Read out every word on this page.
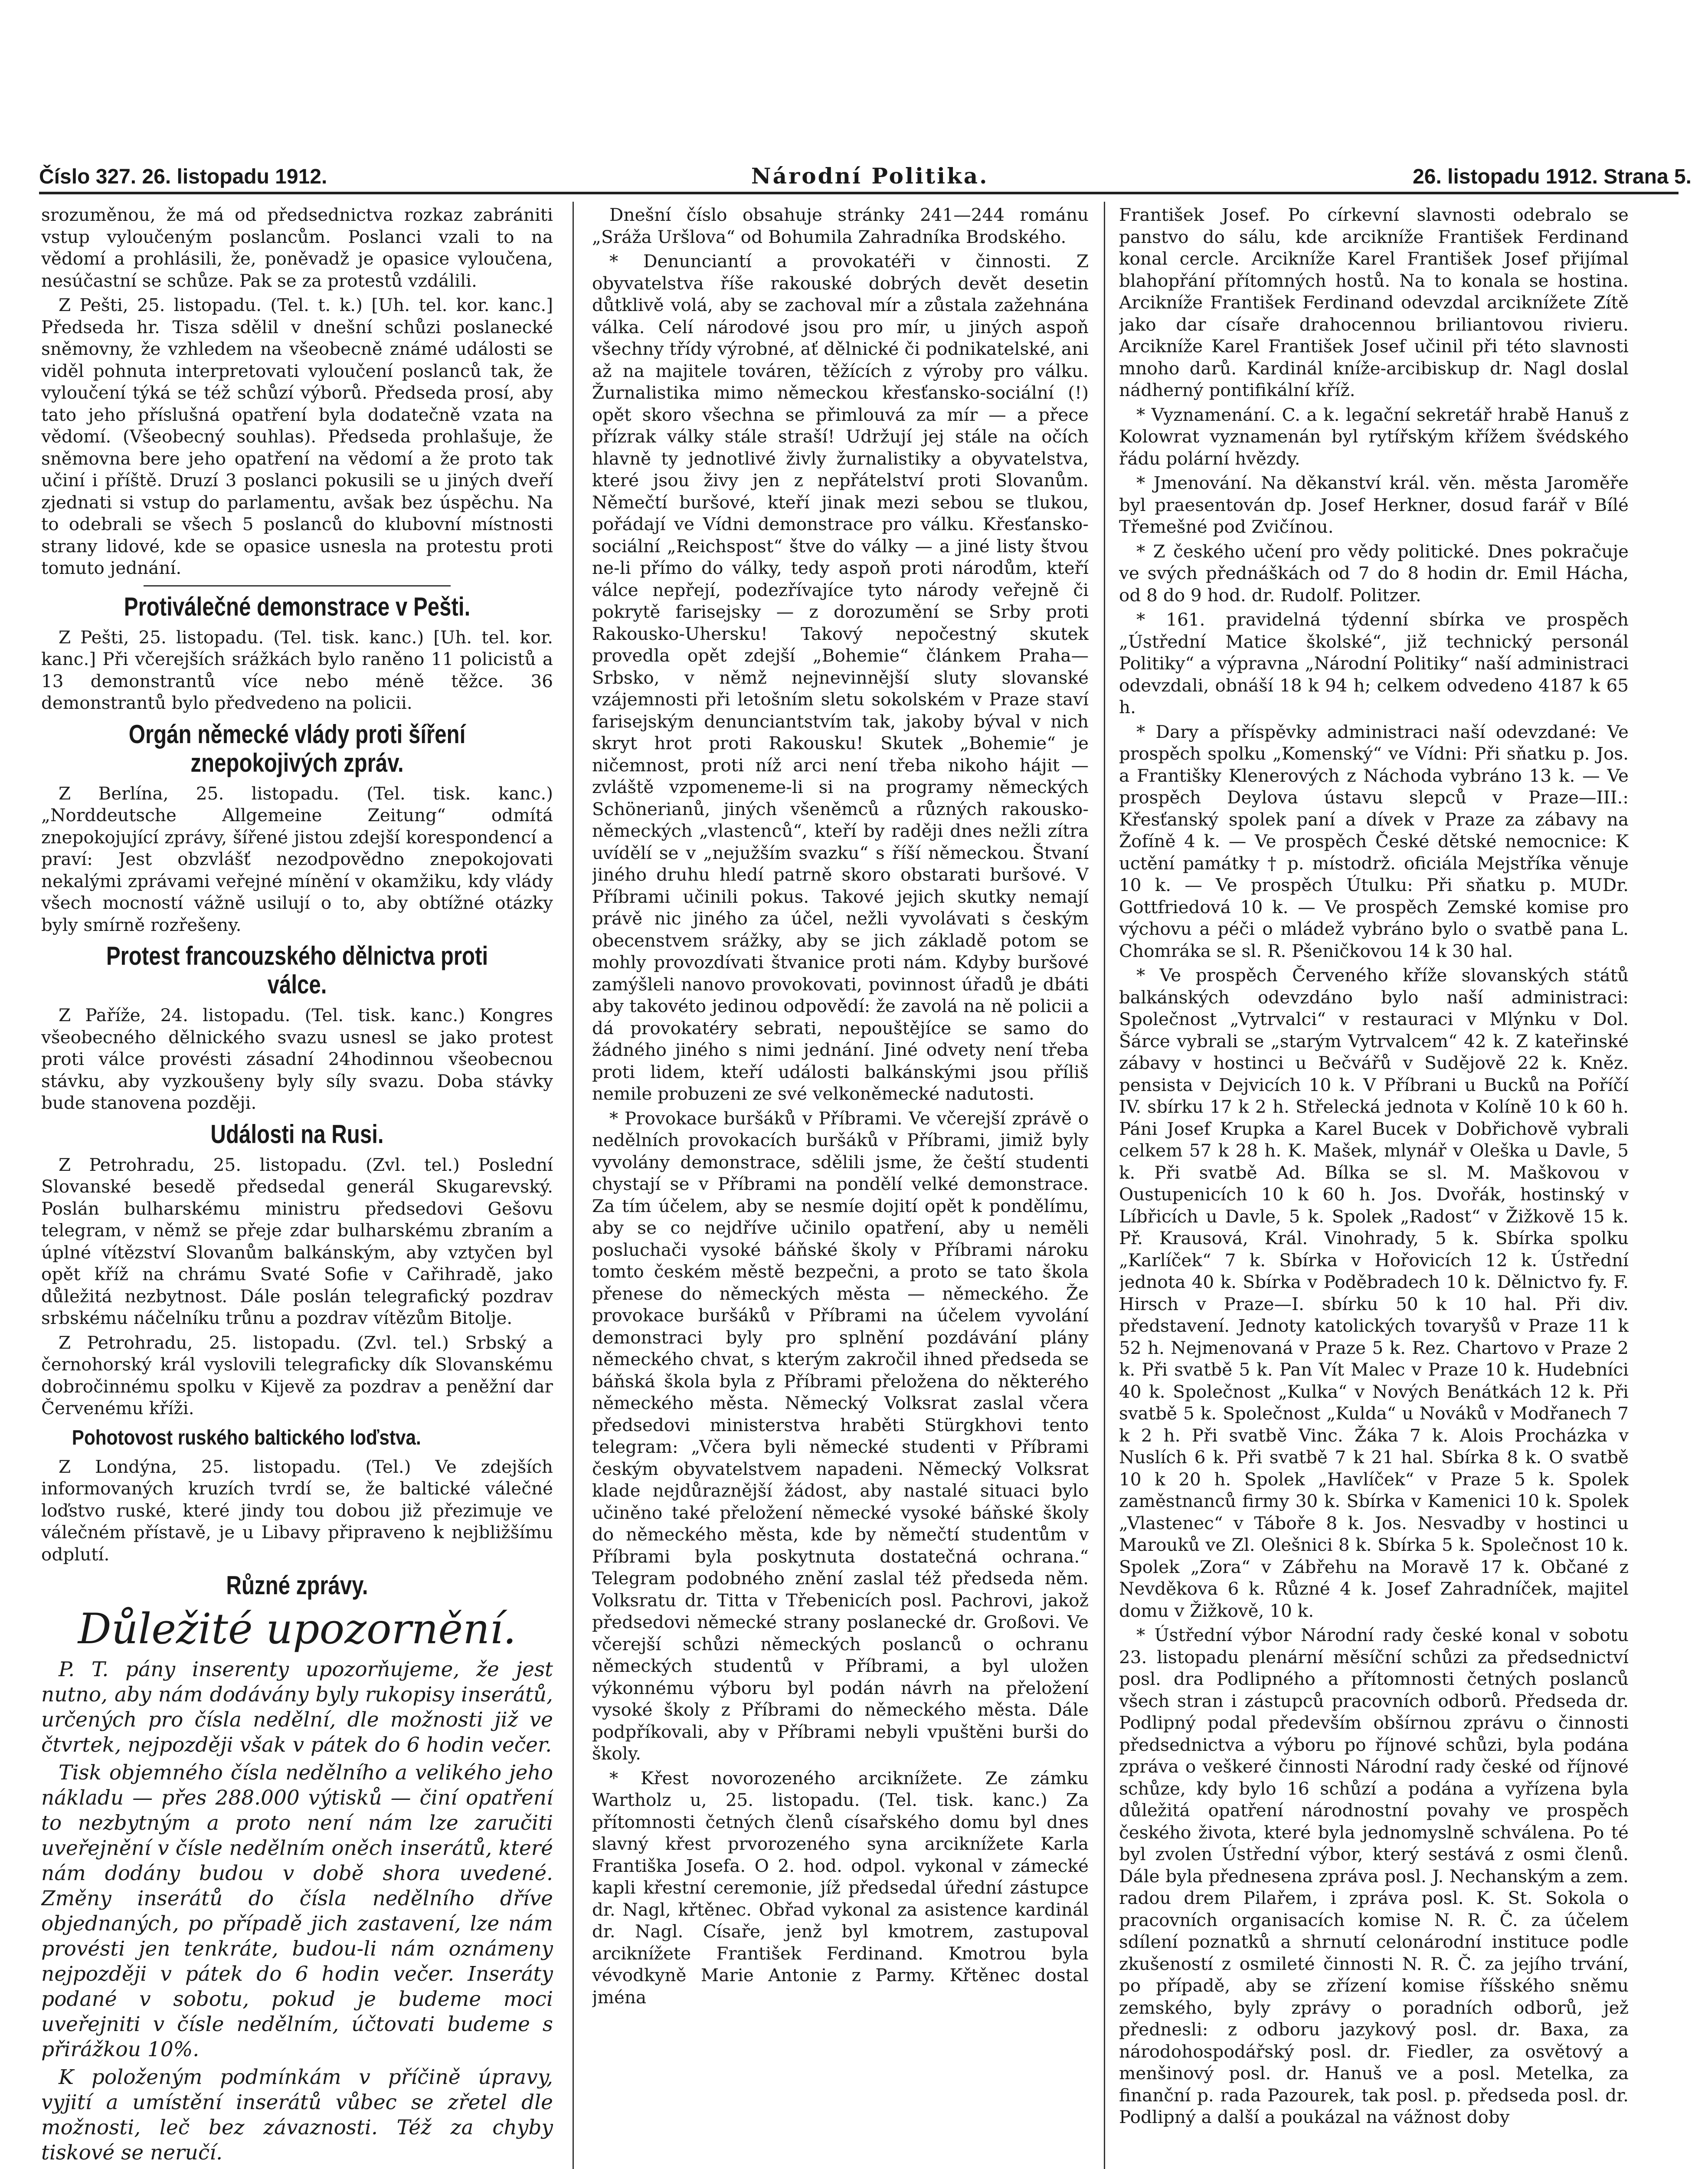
Číslo 327. 26. listopadu 1912.	Národní Politika.	26. listopadu 1912. Strana 5.

srozuměnou, že má od předsednictva rozkaz zabrániti vstup vyloučeným poslancům. Poslanci vzali to na vědomí a prohlásili, že, poněvadž je opasice vyloučena, nesúčastní se schůze. Pak se za protestů vzdálili.

Z Pešti, 25. listopadu. (Tel. t. k.) [Uh. tel. kor. kanc.] Předseda hr. Tisza sdělil v dnešní schůzi poslanecké sněmovny, že vzhledem na všeobecně známé události se viděl pohnuta interpretovati vyloučení poslanců tak, že vyloučení týká se též schůzí výborů. Předseda prosí, aby tato jeho příslušná opatření byla dodatečně vzata na vědomí. (Všeobecný souhlas). Předseda prohlašuje, že sněmovna bere jeho opatření na vědomí a že proto tak učiní i příště. Druzí 3 poslanci pokusili se u jiných dveří zjednati si vstup do parlamentu, avšak bez úspěchu. Na to odebrali se všech 5 poslanců do klubovní místnosti strany lidové, kde se opasice usnesla na protestu proti tomuto jednání.

Protiválečné demonstrace v Pešti.

Z Pešti, 25. listopadu. (Tel. tisk. kanc.) [Uh. tel. kor. kanc.] Při včerejších srážkách bylo raněno 11 policistů a 13 demonstrantů více nebo méně těžce. 36 demonstrantů bylo předvedeno na policii.

Orgán německé vlády proti šíření znepokojivých zpráv.

Z Berlína, 25. listopadu. (Tel. tisk. kanc.) „Norddeutsche Allgemeine Zeitung“ odmítá znepokojující zprávy, šířené jistou zdejší korespondencí a praví: Jest obzvlášť nezodpovědno znepokojovati nekalými zprávami veřejné mínění v okamžiku, kdy vlády všech mocností vážně usilují o to, aby obtížné otázky byly smírně rozřešeny.

Protest francouzského dělnictva proti válce.

Z Paříže, 24. listopadu. (Tel. tisk. kanc.) Kongres všeobecného dělnického svazu usnesl se jako protest proti válce provésti zásadní 24hodinnou všeobecnou stávku, aby vyzkoušeny byly síly svazu. Doba stávky bude stanovena později.

Události na Rusi.

Z Petrohradu, 25. listopadu. (Zvl. tel.) Poslední Slovanské besedě předsedal generál Skugarevský. Poslán bulharskému ministru předsedovi Gešovu telegram, v němž se přeje zdar bulharskému zbraním a úplné vítězství Slovanům balkánským, aby vztyčen byl opět kříž na chrámu Svaté Sofie v Cařihradě, jako důležitá nezbytnost. Dále poslán telegrafický pozdrav srbskému náčelníku trůnu a pozdrav vítězům Bitolje.

Z Petrohradu, 25. listopadu. (Zvl. tel.) Srbský a černohorský král vyslovili telegraficky dík Slovanskému dobročinnému spolku v Kijevě za pozdrav a peněžní dar Červenému kříži.

Pohotovost ruského baltického loďstva.

Z Londýna, 25. listopadu. (Tel.) Ve zdejších informovaných kruzích tvrdí se, že baltické válečné loďstvo ruské, které jindy tou dobou již přezimuje ve válečném přístavě, je u Libavy připraveno k nejbližšímu odplutí.

Různé zprávy.
Důležité upozornění.

P. T. pány inserenty upozorňujeme, že jest nutno, aby nám dodávány byly rukopisy inserátů, určených pro čísla nedělní, dle možnosti již ve čtvrtek, nejpozději však v pátek do 6 hodin večer.

Tisk objemného čísla nedělního a velikého jeho nákladu — přes 288.000 výtisků — činí opatření to nezbytným a proto není nám lze zaručiti uveřejnění v čísle nedělním oněch inserátů, které nám dodány budou v době shora uvedené. Změny inserátů do čísla nedělního dříve objednaných, po případě jich zastavení, lze nám provésti jen tenkráte, budou-li nám oznámeny nejpozději v pátek do 6 hodin večer. Inseráty podané v sobotu, pokud je budeme moci uveřejniti v čísle nedělním, účtovati budeme s přirážkou 10%.

K položeným podmínkám v příčině úpravy, vyjití a umístění inserátů vůbec se zřetel dle možnosti, leč bez závaznosti. Též za chyby tiskové se neručí.

Dnešní číslo obsahuje stránky 241—244 románu „Sráža Uršlova“ od Bohumila Zahradníka Brodského.

* Denunciantí a provokatéři v činnosti. Z obyvatelstva říše rakouské dobrých devět desetin důtklivě volá, aby se zachoval mír a zůstala zažehnána válka. Celí národové jsou pro mír, u jiných aspoň všechny třídy výrobné, ať dělnické či podnikatelské, ani až na majitele továren, těžících z výroby pro válku. Žurnalistika mimo německou křesťansko-sociální (!) opět skoro všechna se přimlouvá za mír — a přece přízrak války stále straší! Udržují jej stále na očích hlavně ty jednotlivé živly žurnalistiky a obyvatelstva, které jsou živy jen z nepřátelství proti Slovanům. Němečtí buršové, kteří jinak mezi sebou se tlukou, pořádají ve Vídni demonstrace pro válku. Křesťansko-sociální „Reichspost“ štve do války — a jiné listy štvou ne-li přímo do války, tedy aspoň proti národům, kteří válce nepřejí, podezřívajíce tyto národy veřejně či pokrytě farisejsky — z dorozumění se Srby proti Rakousko-Uhersku! Takový nepočestný skutek provedla opět zdejší „Bohemie“ článkem Praha—Srbsko, v němž nejnevinnější sluty slovanské vzájemnosti při letošním sletu sokolském v Praze staví farisejským denunciantstvím tak, jakoby býval v nich skryt hrot proti Rakousku! Skutek „Bohemie“ je ničemnost, proti níž arci není třeba nikoho hájit — zvláště vzpomeneme-li si na programy německých Schönerianů, jiných všeněmců a různých rakousko-německých „vlastenců“, kteří by raději dnes nežli zítra uvídělí se v „nejužším svazku“ s říší německou. Štvaní jiného druhu hledí patrně skoro obstarati buršové. V Příbrami učinili pokus. Takové jejich skutky nemají právě nic jiného za účel, nežli vyvolávati s českým obecenstvem srážky, aby se jich základě potom se mohly provozdívati štvanice proti nám. Kdyby buršové zamýšleli nanovo provokovati, povinnost úřadů je dbáti aby takovéto jedinou odpovědí: že zavolá na ně policii a dá provokatéry sebrati, nepouštějíce se samo do žádného jiného s nimi jednání. Jiné odvety není třeba proti lidem, kteří události balkánskými jsou příliš nemile probuzeni ze své velkoněmecké nadutosti.

* Provokace buršáků v Příbrami. Ve včerejší zprávě o nedělních provokacích buršáků v Příbrami, jimiž byly vyvolány demonstrace, sdělili jsme, že čeští studenti chystají se v Příbrami na pondělí velké demonstrace. Za tím účelem, aby se nesmíe dojití opět k pondělímu, aby se co nejdříve učinilo opatření, aby u neměli posluchači vysoké báňské školy v Příbrami nároku tomto českém městě bezpečni, a proto se tato škola přenese do německých města — německého. Že provokace buršáků v Příbrami na účelem vyvolání demonstraci byly pro splnění pozdávání plány německého chvat, s kterým zakročil ihned předseda se báňská škola byla z Příbrami přeložena do některého německého města. Německý Volksrat zaslal včera předsedovi ministerstva hraběti Stürgkhovi tento telegram: „Včera byli německé studenti v Příbrami českým obyvatelstvem napadeni. Německý Volksrat klade nejdůraznější žádost, aby nastalé situaci bylo učiněno také přeložení německé vysoké báňské školy do německého města, kde by němečtí studentům v Příbrami byla poskytnuta dostatečná ochrana.“ Telegram podobného znění zaslal též předseda něm. Volksratu dr. Titta v Třebenicích posl. Pachrovi, jakož předsedovi německé strany poslanecké dr. Großovi. Ve včerejší schůzi německých poslanců o ochranu německých studentů v Příbrami, a byl uložen výkonnému výboru byl podán návrh na přeložení vysoké školy z Příbrami do německého města. Dále podpříkovali, aby v Příbrami nebyli vpuštěni burši do školy.

* Křest novorozeného arciknížete. Ze zámku Wartholz u, 25. listopadu. (Tel. tisk. kanc.) Za přítomnosti četných členů císařského domu byl dnes slavný křest prvorozeného syna arciknížete Karla Františka Josefa. O 2. hod. odpol. vykonal v zámecké kapli křestní ceremonie, jíž předsedal úřední zástupce dr. Nagl, křtěnec. Obřad vykonal za asistence kardinál dr. Nagl. Císaře, jenž byl kmotrem, zastupoval arciknížete František Ferdinand. Kmotrou byla vévodkyně Marie Antonie z Parmy. Křtěnec dostal jména

František Josef. Po církevní slavnosti odebralo se panstvo do sálu, kde arcikníže František Ferdinand konal cercle. Arcikníže Karel František Josef přijímal blahopřání přítomných hostů. Na to konala se hostina. Arcikníže František Ferdinand odevzdal arciknížete Zítě jako dar císaře drahocennou briliantovou rivieru. Arcikníže Karel František Josef učinil při této slavnosti mnoho darů. Kardinál kníže-arcibiskup dr. Nagl doslal nádherný pontifikální kříž.

* Vyznamenání. C. a k. legační sekretář hrabě Hanuš z Kolowrat vyznamenán byl rytířským křížem švédského řádu polární hvězdy.

* Jmenování. Na děkanství král. věn. města Jaroměře byl praesentován dp. Josef Herkner, dosud farář v Bílé Třemešné pod Zvičínou.

* Z českého učení pro vědy politické. Dnes pokračuje ve svých přednáškách od 7 do 8 hodin dr. Emil Hácha, od 8 do 9 hod. dr. Rudolf. Politzer.

* 161. pravidelná týdenní sbírka ve prospěch „Ústřední Matice školské“, již technický personál Politiky“ a výpravna „Národní Politiky“ naší administraci odevzdali, obnáší 18 k 94 h; celkem odvedeno 4187 k 65 h.

* Dary a příspěvky administraci naší odevzdané: Ve prospěch spolku „Komenský“ ve Vídni: Při sňatku p. Jos. a Františky Klenerových z Náchoda vybráno 13 k. — Ve prospěch Deylova ústavu slepců v Praze—III.: Křesťanský spolek paní a dívek v Praze za zábavy na Žofíně 4 k. — Ve prospěch České dětské nemocnice: K uctění památky † p. místodrž. oficiála Mejstříka věnuje 10 k. — Ve prospěch Útulku: Při sňatku p. MUDr. Gottfriedová 10 k. — Ve prospěch Zemské komise pro výchovu a péči o mládež vybráno bylo o svatbě pana L. Chomráka se sl. R. Pšeničkovou 14 k 30 hal.

* Ve prospěch Červeného kříže slovanských států balkánských odevzdáno bylo naší administraci: Společnost „Vytrvalci“ v restauraci v Mlýnku v Dol. Šárce vybrali se „starým Vytrvalcem“ 42 k. Z kateřinské zábavy v hostinci u Bečvářů v Sudějově 22 k. Kněz. pensista v Dejvicích 10 k. V Příbrani u Bucků na Poříčí IV. sbírku 17 k 2 h. Střelecká jednota v Kolíně 10 k 60 h. Páni Josef Krupka a Karel Bucek v Dobřichově vybrali celkem 57 k 28 h. K. Mašek, mlynář v Oleška u Davle, 5 k. Při svatbě Ad. Bílka se sl. M. Maškovou v Oustupenicích 10 k 60 h. Jos. Dvořák, hostinský v Líbřicích u Davle, 5 k. Spolek „Radost“ v Žižkově 15 k. Př. Krausová, Král. Vinohrady, 5 k. Sbírka spolku „Karlíček“ 7 k. Sbírka v Hořovicích 12 k. Ústřední jednota 40 k. Sbírka v Poděbradech 10 k. Dělnictvo fy. F. Hirsch v Praze—I. sbírku 50 k 10 hal. Při div. představení. Jednoty katolických tovaryšů v Praze 11 k 52 h. Nejmenovaná v Praze 5 k. Rez. Chartovo v Praze 2 k. Při svatbě 5 k. Pan Vít Malec v Praze 10 k. Hudebníci 40 k. Společnost „Kulka“ v Nových Benátkách 12 k. Při svatbě 5 k. Společnost „Kulda“ u Nováků v Modřanech 7 k 2 h. Při svatbě Vinc. Žáka 7 k. Alois Procházka v Nuslích 6 k. Při svatbě 7 k 21 hal. Sbírka 8 k. O svatbě 10 k 20 h. Spolek „Havlíček“ v Praze 5 k. Spolek zaměstnanců firmy 30 k. Sbírka v Kamenici 10 k. Spolek „Vlastenec“ v Táboře 8 k. Jos. Nesvadby v hostinci u Marouků ve Zl. Olešnici 8 k. Sbírka 5 k. Společnost 10 k. Spolek „Zora“ v Zábřehu na Moravě 17 k. Občané z Nevděkova 6 k. Různé 4 k. Josef Zahradníček, majitel domu v Žižkově, 10 k.

* Ústřední výbor Národní rady české konal v sobotu 23. listopadu plenární měsíční schůzi za předsednictví posl. dra Podlipného a přítomnosti četných poslanců všech stran i zástupců pracovních odborů. Předseda dr. Podlipný podal především obšírnou zprávu o činnosti předsednictva a výboru po říjnové schůzi, byla podána zpráva o veškeré činnosti Národní rady české od říjnové schůze, kdy bylo 16 schůzí a podána a vyřízena byla důležitá opatření národnostní povahy ve prospěch českého života, které byla jednomyslně schválena. Po té byl zvolen Ústřední výbor, který sestává z osmi členů. Dále byla přednesena zpráva posl. J. Nechanským a zem. radou drem Pilařem, i zpráva posl. K. St. Sokola o pracovních organisacích komise N. R. Č. za účelem sdílení poznatků a shrnutí celonárodní instituce podle zkušeností z osmileté činnosti N. R. Č. za jejího trvání, po případě, aby se zřízení komise říšského sněmu zemského, byly zprávy o poradních odborů, jež přednesli: z odboru jazykový posl. dr. Baxa, za národohospodářský posl. dr. Fiedler, za osvětový a menšinový posl. dr. Hanuš ve a posl. Metelka, za finanční p. rada Pazourek, tak posl. p. předseda posl. dr. Podlipný a další a poukázal na vážnost doby
